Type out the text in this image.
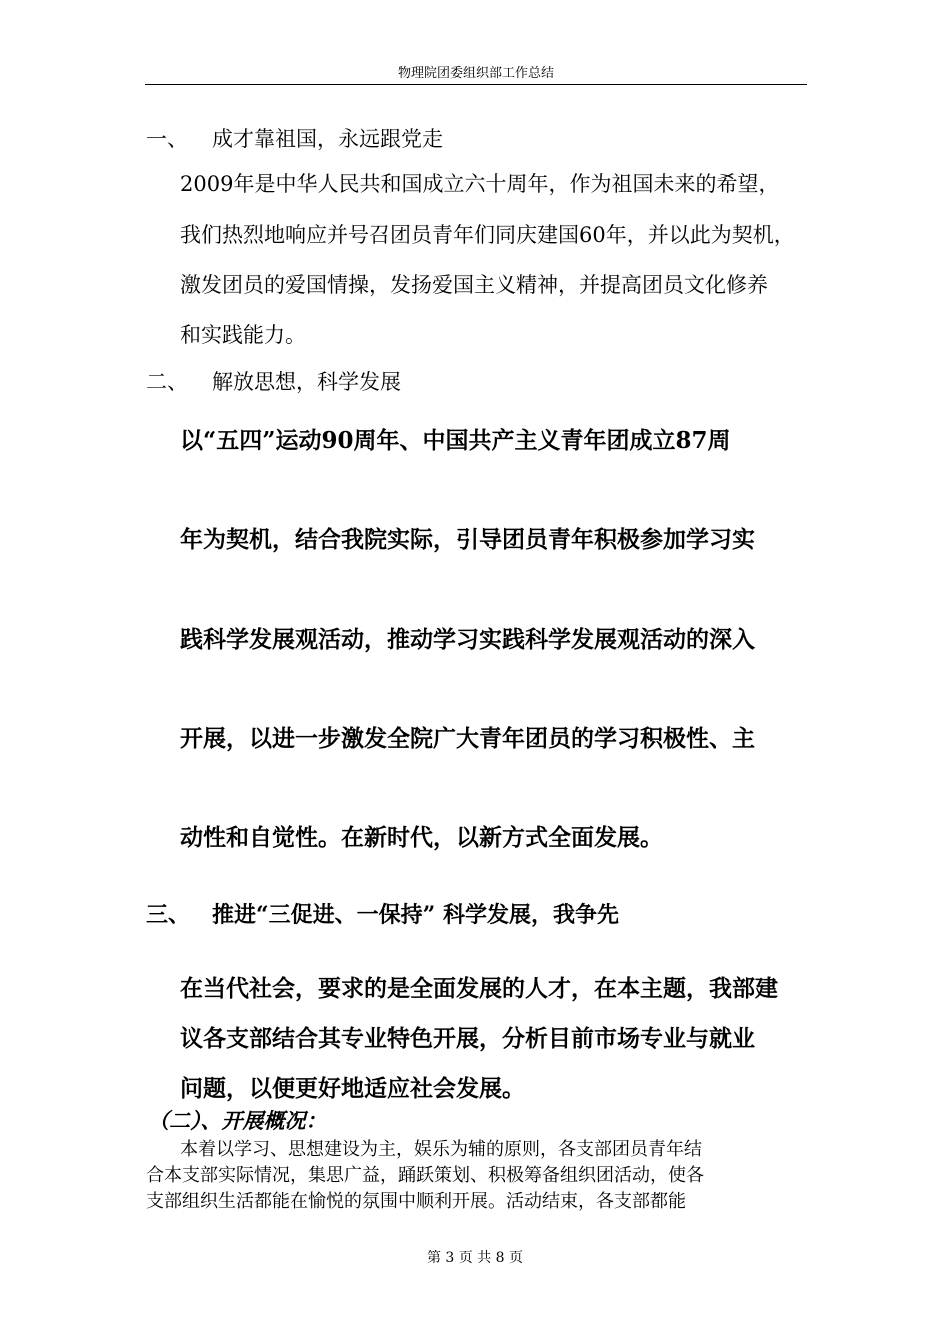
物理院团委组织部工作总结
一、 成才靠祖国，永远跟党走
2009年是中华人民共和国成立六十周年，作为祖国未来的希望，
我们热烈地响应并号召团员青年们同庆建国60年，并以此为契机，
激发团员的爱国情操，发扬爱国主义精神，并提高团员文化修养
和实践能力。
二、 解放思想，科学发展
以“五四”运动90周年、中国共产主义青年团成立87周
年为契机，结合我院实际，引导团员青年积极参加学习实
践科学发展观活动，推动学习实践科学发展观活动的深入
开展，以进一步激发全院广大青年团员的学习积极性、主
动性和自觉性。在新时代，以新方式全面发展。
三、 推进“三促进、一保持” 科学发展，我争先
在当代社会，要求的是全面发展的人才，在本主题，我部建
议各支部结合其专业特色开展，分析目前市场专业与就业
问题，以便更好地适应社会发展。
（二）、开展概况：
本着以学习、思想建设为主，娱乐为辅的原则，各支部团员青年结
合本支部实际情况，集思广益，踊跃策划、积极筹备组织团活动，使各
支部组织生活都能在愉悦的氛围中顺利开展。活动结束，各支部都能
第 3 页 共 8 页
